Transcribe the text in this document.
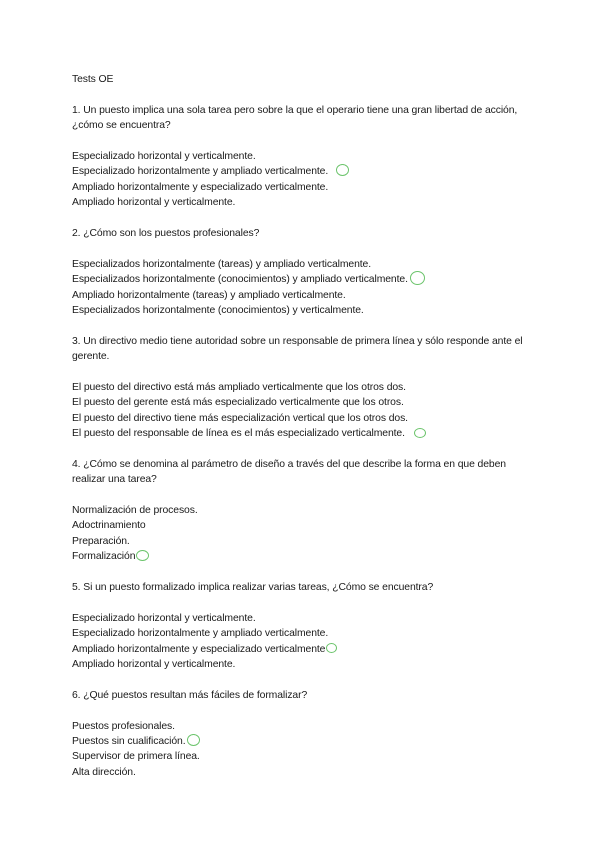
Tests OE

1. Un puesto implica una sola tarea pero sobre la que el operario tiene una gran libertad de acción, ¿cómo se encuentra?

Especializado horizontal y verticalmente.
Especializado horizontalmente y ampliado verticalmente.
Ampliado horizontalmente y especializado verticalmente.
Ampliado horizontal y verticalmente.

2. ¿Cómo son los puestos profesionales?

Especializados horizontalmente (tareas) y ampliado verticalmente.
Especializados horizontalmente (conocimientos) y ampliado verticalmente.
Ampliado horizontalmente (tareas) y ampliado verticalmente.
Especializados horizontalmente (conocimientos) y verticalmente.

3. Un directivo medio tiene autoridad sobre un responsable de primera línea y sólo responde ante el gerente.

El puesto del directivo está más ampliado verticalmente que los otros dos.
El puesto del gerente está más especializado verticalmente que los otros.
El puesto del directivo tiene más especialización vertical que los otros dos.
El puesto del responsable de línea es el más especializado verticalmente.

4. ¿Cómo se denomina al parámetro de diseño a través del que describe la forma en que deben realizar una tarea?

Normalización de procesos.
Adoctrinamiento
Preparación.
Formalización

5. Si un puesto formalizado implica realizar varias tareas, ¿Cómo se encuentra?

Especializado horizontal y verticalmente.
Especializado horizontalmente y ampliado verticalmente.
Ampliado horizontalmente y especializado verticalmente
Ampliado horizontal y verticalmente.

6. ¿Qué puestos resultan más fáciles de formalizar?

Puestos profesionales.
Puestos sin cualificación.
Supervisor de primera línea.
Alta dirección.
